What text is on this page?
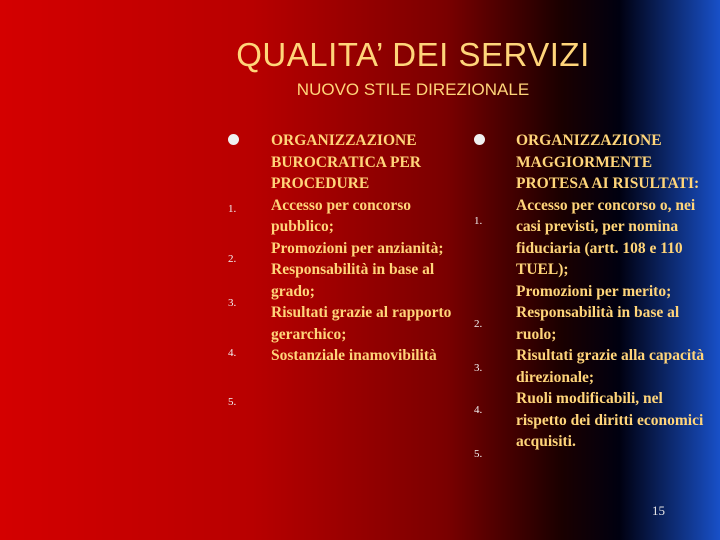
QUALITA’ DEI SERVIZI
NUOVO STILE DIREZIONALE
1.
2.
3.
4.
5.

ORGANIZZAZIONE BUROCRATICA PER PROCEDURE

Accesso per concorso pubblico;

Promozioni per anzianità;

Responsabilità in base al grado;

Risultati grazie al rapporto gerarchico;

Sostanziale inamovibilità

1.
2.
3.
4.
5.

ORGANIZZAZIONE MAGGIORMENTE PROTESA AI RISULTATI:

Accesso per concorso o, nei casi previsti, per nomina fiduciaria (artt. 108 e 110 TUEL);

Promozioni per merito;

Responsabilità in base al ruolo;

Risultati grazie alla capacità direzionale;

Ruoli modificabili, nel rispetto dei diritti economici acquisiti.

15
